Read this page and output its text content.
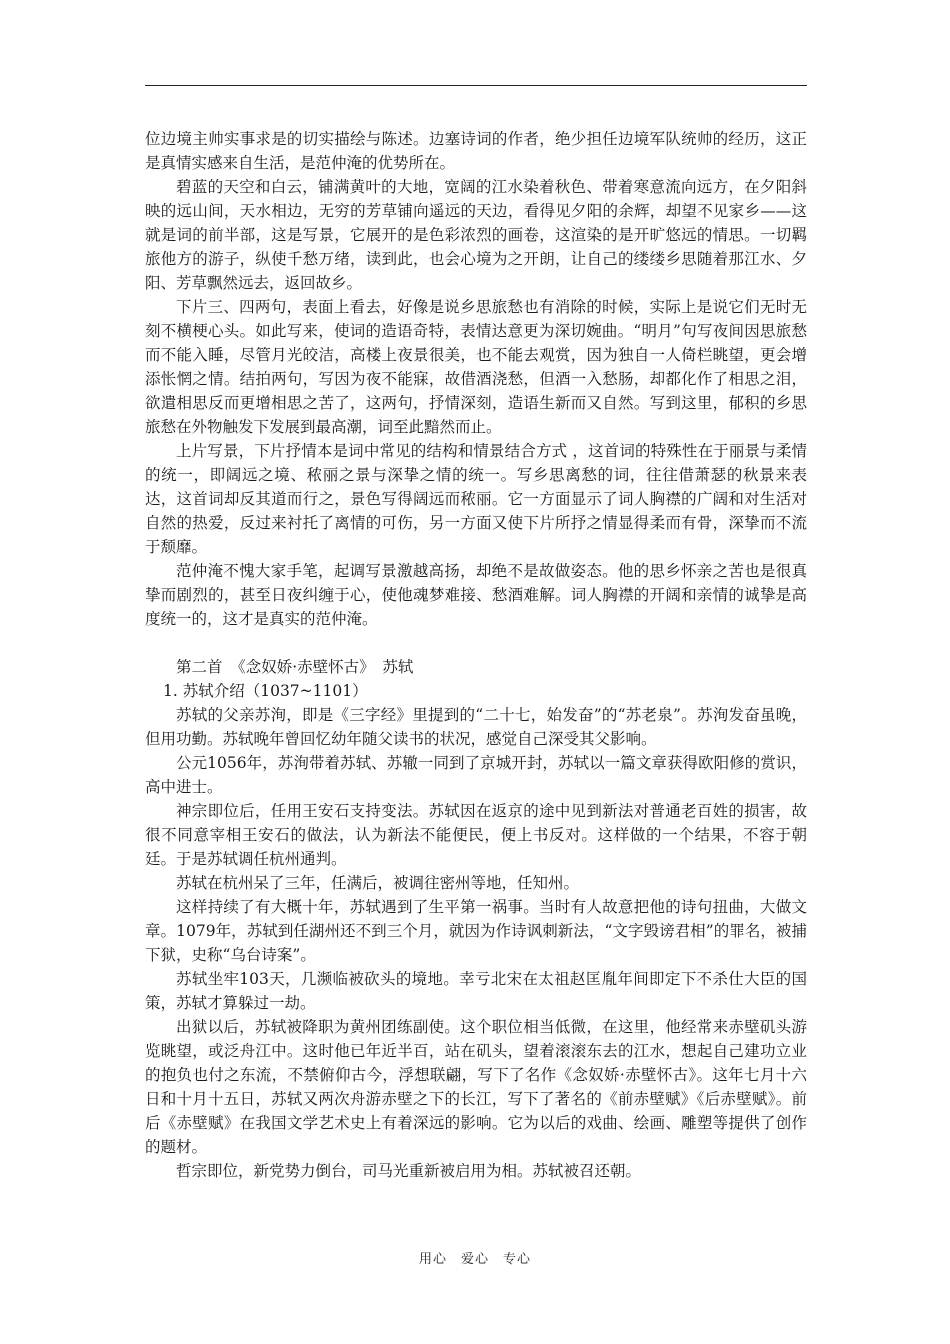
位边境主帅实事求是的切实描绘与陈述。边塞诗词的作者，绝少担任边境军队统帅的经历，这正是真情实感来自生活，是范仲淹的优势所在。

碧蓝的天空和白云，铺满黄叶的大地，宽阔的江水染着秋色、带着寒意流向远方，在夕阳斜映的远山间，天水相边，无穷的芳草铺向遥远的天边，看得见夕阳的余辉，却望不见家乡——这就是词的前半部，这是写景，它展开的是色彩浓烈的画卷，这渲染的是开旷悠远的情思。一切羁旅他方的游子，纵使千愁万绪，读到此，也会心境为之开朗，让自己的缕缕乡思随着那江水、夕阳、芳草飘然远去，返回故乡。

下片三、四两句，表面上看去，好像是说乡思旅愁也有消除的时候，实际上是说它们无时无刻不横梗心头。如此写来，使词的造语奇特，表情达意更为深切婉曲。“明月”句写夜间因思旅愁而不能入睡，尽管月光皎洁，高楼上夜景很美，也不能去观赏，因为独自一人倚栏眺望，更会增添怅惘之情。结拍两句，写因为夜不能寐，故借酒浇愁，但酒一入愁肠，却都化作了相思之泪，欲遣相思反而更增相思之苦了，这两句，抒情深刻，造语生新而又自然。写到这里，郁积的乡思旅愁在外物触发下发展到最高潮，词至此黯然而止。

上片写景，下片抒情本是词中常见的结构和情景结合方式 ，这首词的特殊性在于丽景与柔情的统一，即阔远之境、秾丽之景与深挚之情的统一。写乡思离愁的词，往往借萧瑟的秋景来表达，这首词却反其道而行之，景色写得阔远而秾丽。它一方面显示了词人胸襟的广阔和对生活对自然的热爱，反过来衬托了离情的可伤，另一方面又使下片所抒之情显得柔而有骨，深挚而不流于颓靡。

范仲淹不愧大家手笔，起调写景激越高扬，却绝不是故做姿态。他的思乡怀亲之苦也是很真挚而剧烈的，甚至日夜纠缠于心，使他魂梦难接、愁酒难解。词人胸襟的开阔和亲情的诚挚是高度统一的，这才是真实的范仲淹。

第二首　《念奴娇·赤壁怀古》　苏轼

1. 苏轼介绍（1037~1101）

苏轼的父亲苏洵，即是《三字经》里提到的“二十七，始发奋”的“苏老泉”。苏洵发奋虽晚，但用功勤。苏轼晚年曾回忆幼年随父读书的状况，感觉自己深受其父影响。

公元1056年，苏洵带着苏轼、苏辙一同到了京城开封，苏轼以一篇文章获得欧阳修的赏识，高中进士。

神宗即位后，任用王安石支持变法。苏轼因在返京的途中见到新法对普通老百姓的损害，故很不同意宰相王安石的做法，认为新法不能便民，便上书反对。这样做的一个结果，不容于朝廷。于是苏轼调任杭州通判。

苏轼在杭州呆了三年，任满后，被调往密州等地，任知州。

这样持续了有大概十年，苏轼遇到了生平第一祸事。当时有人故意把他的诗句扭曲，大做文章。1079年，苏轼到任湖州还不到三个月，就因为作诗讽刺新法，“文字毁谤君相”的罪名，被捕下狱，史称“乌台诗案”。

苏轼坐牢103天，几濒临被砍头的境地。幸亏北宋在太祖赵匡胤年间即定下不杀仕大臣的国策，苏轼才算躲过一劫。

出狱以后，苏轼被降职为黄州团练副使。这个职位相当低微，在这里，他经常来赤壁矶头游览眺望，或泛舟江中。这时他已年近半百，站在矶头，望着滚滚东去的江水，想起自己建功立业的抱负也付之东流，不禁俯仰古今，浮想联翩，写下了名作《念奴娇·赤壁怀古》。这年七月十六日和十月十五日，苏轼又两次舟游赤壁之下的长江，写下了著名的《前赤壁赋》《后赤壁赋》。前后《赤壁赋》在我国文学艺术史上有着深远的影响。它为以后的戏曲、绘画、雕塑等提供了创作的题材。

哲宗即位，新党势力倒台，司马光重新被启用为相。苏轼被召还朝。

用心　爱心　专心
